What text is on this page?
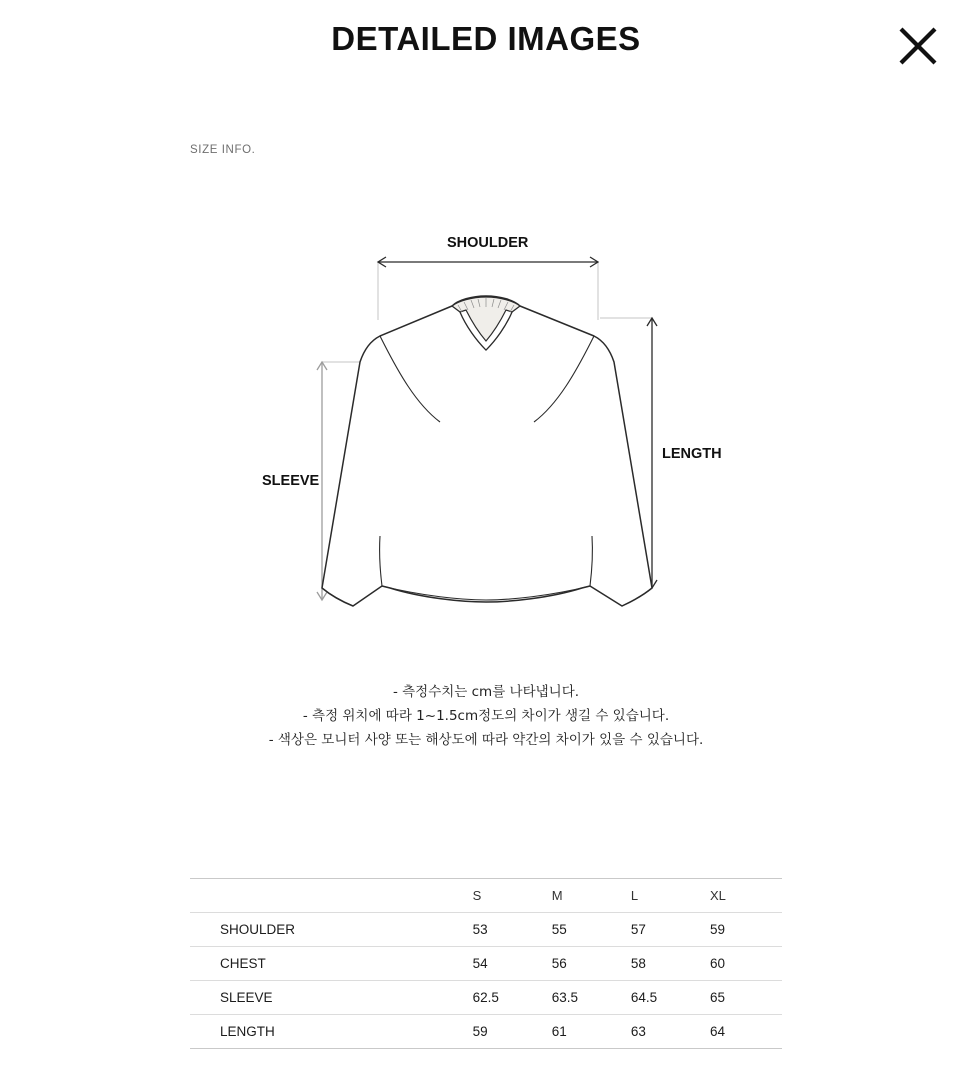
DETAILED IMAGES
SIZE INFO.
SHOULDER
LENGTH
SLEEVE
- 측정수치는 cm를 나타냅니다.
- 측정 위치에 따라 1~1.5cm정도의 차이가 생길 수 있습니다.
- 색상은 모니터 사양 또는 해상도에 따라 약간의 차이가 있을 수 있습니다.
	S	M	L	XL
SHOULDER	53	55	57	59
CHEST	54	56	58	60
SLEEVE	62.5	63.5	64.5	65
LENGTH	59	61	63	64
